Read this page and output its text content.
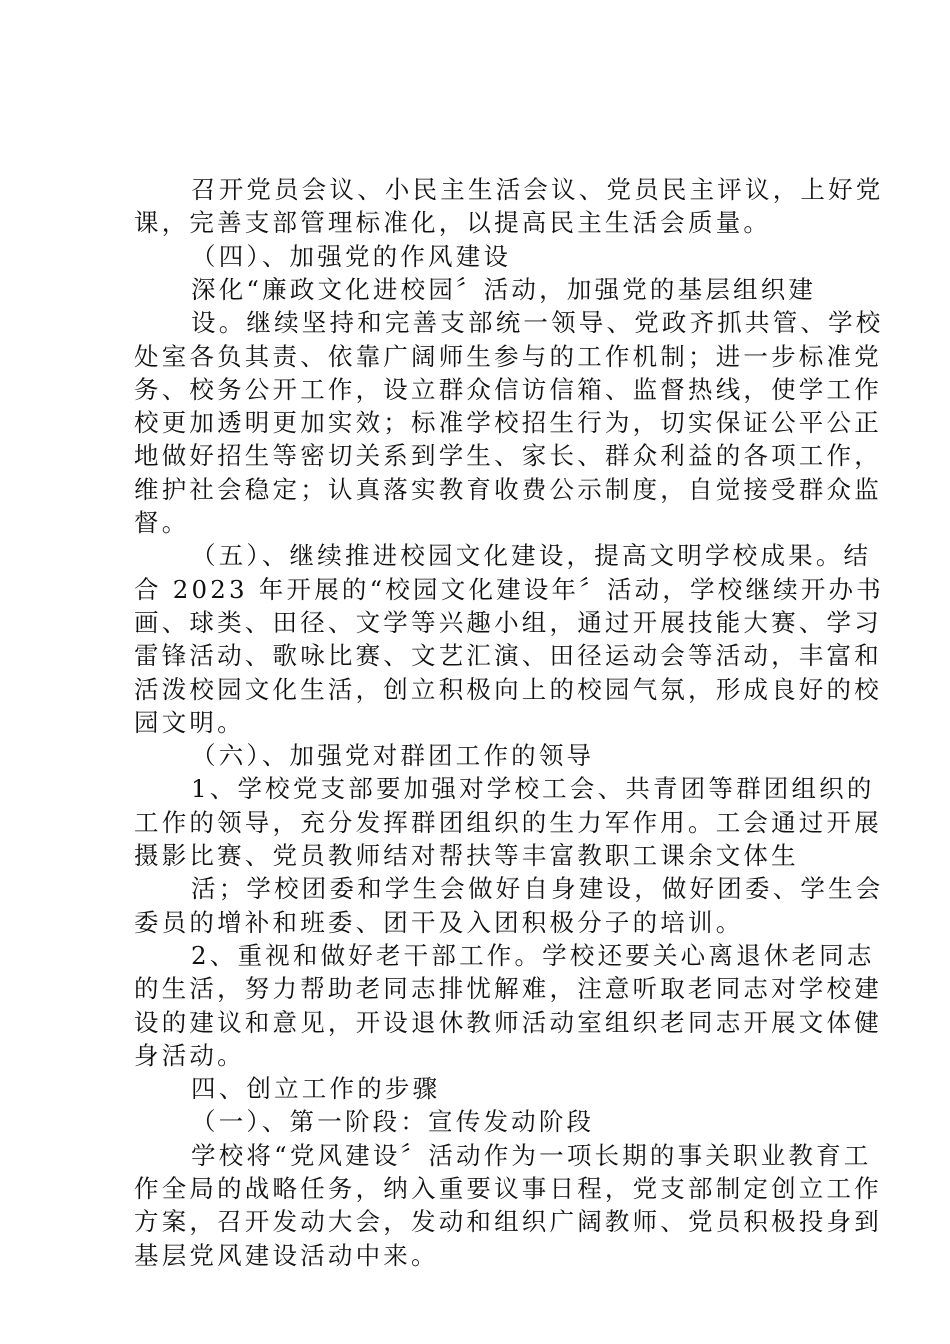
召开党员会议、小民主生活会议、党员民主评议，上好党
课，完善支部管理标准化，以提高民主生活会质量。
（四）、加强党的作风建设
深化“廉政文化进校园〞活动，加强党的基层组织建
设。继续坚持和完善支部统一领导、党政齐抓共管、学校
处室各负其责、依靠广阔师生参与的工作机制；进一步标准党
务、校务公开工作，设立群众信访信箱、监督热线，使学工作
校更加透明更加实效；标准学校招生行为，切实保证公平公正
地做好招生等密切关系到学生、家长、群众利益的各项工作，
维护社会稳定；认真落实教育收费公示制度，自觉接受群众监
督。
（五）、继续推进校园文化建设，提高文明学校成果。结
合 2023 年开展的“校园文化建设年〞活动，学校继续开办书
画、球类、田径、文学等兴趣小组，通过开展技能大赛、学习
雷锋活动、歌咏比赛、文艺汇演、田径运动会等活动，丰富和
活泼校园文化生活，创立积极向上的校园气氛，形成良好的校
园文明。
（六）、加强党对群团工作的领导
1、学校党支部要加强对学校工会、共青团等群团组织的
工作的领导，充分发挥群团组织的生力军作用。工会通过开展
摄影比赛、党员教师结对帮扶等丰富教职工课余文体生
活；学校团委和学生会做好自身建设，做好团委、学生会
委员的增补和班委、团干及入团积极分子的培训。
2、重视和做好老干部工作。学校还要关心离退休老同志
的生活，努力帮助老同志排忧解难，注意听取老同志对学校建
设的建议和意见，开设退休教师活动室组织老同志开展文体健
身活动。
四、创立工作的步骤
（一）、第一阶段：宣传发动阶段
学校将“党风建设〞活动作为一项长期的事关职业教育工
作全局的战略任务，纳入重要议事日程，党支部制定创立工作
方案，召开发动大会，发动和组织广阔教师、党员积极投身到
基层党风建设活动中来。
